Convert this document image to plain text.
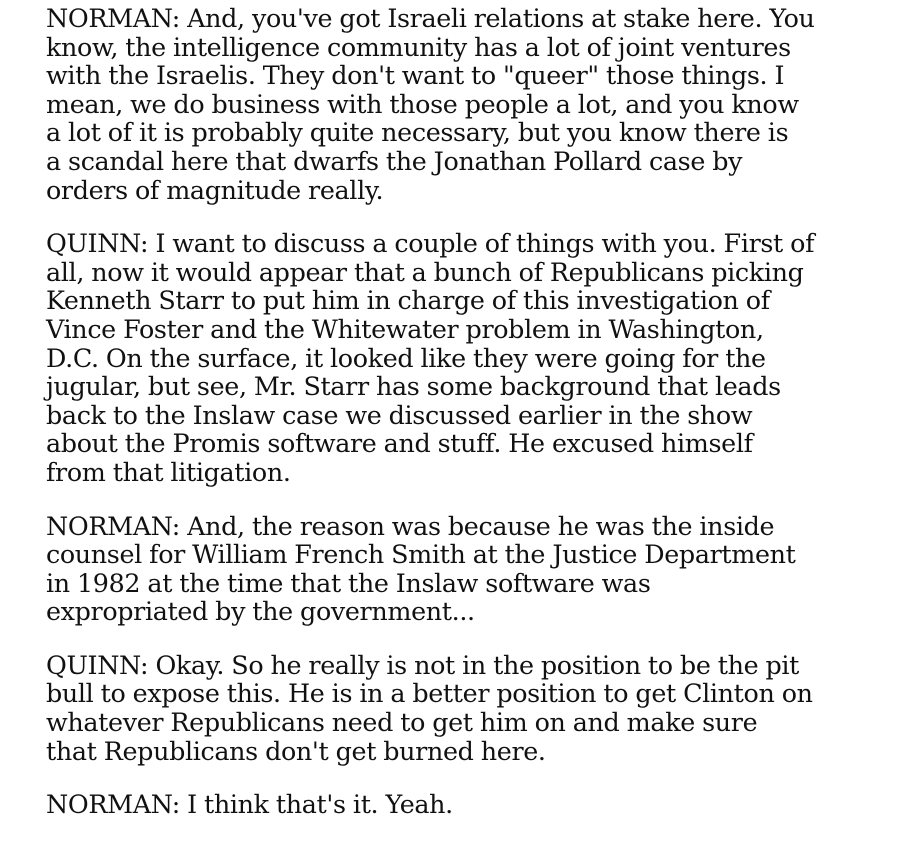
NORMAN: And, you've got Israeli relations at stake here. You
know, the intelligence community has a lot of joint ventures
with the Israelis. They don't want to "queer" those things. I
mean, we do business with those people a lot, and you know
a lot of it is probably quite necessary, but you know there is
a scandal here that dwarfs the Jonathan Pollard case by
orders of magnitude really.

QUINN: I want to discuss a couple of things with you. First of
all, now it would appear that a bunch of Republicans picking
Kenneth Starr to put him in charge of this investigation of
Vince Foster and the Whitewater problem in Washington,
D.C. On the surface, it looked like they were going for the
jugular, but see, Mr. Starr has some background that leads
back to the Inslaw case we discussed earlier in the show
about the Promis software and stuff. He excused himself
from that litigation.

NORMAN: And, the reason was because he was the inside
counsel for William French Smith at the Justice Department
in 1982 at the time that the Inslaw software was
expropriated by the government...

QUINN: Okay. So he really is not in the position to be the pit
bull to expose this. He is in a better position to get Clinton on
whatever Republicans need to get him on and make sure
that Republicans don't get burned here.

NORMAN: I think that's it. Yeah.
